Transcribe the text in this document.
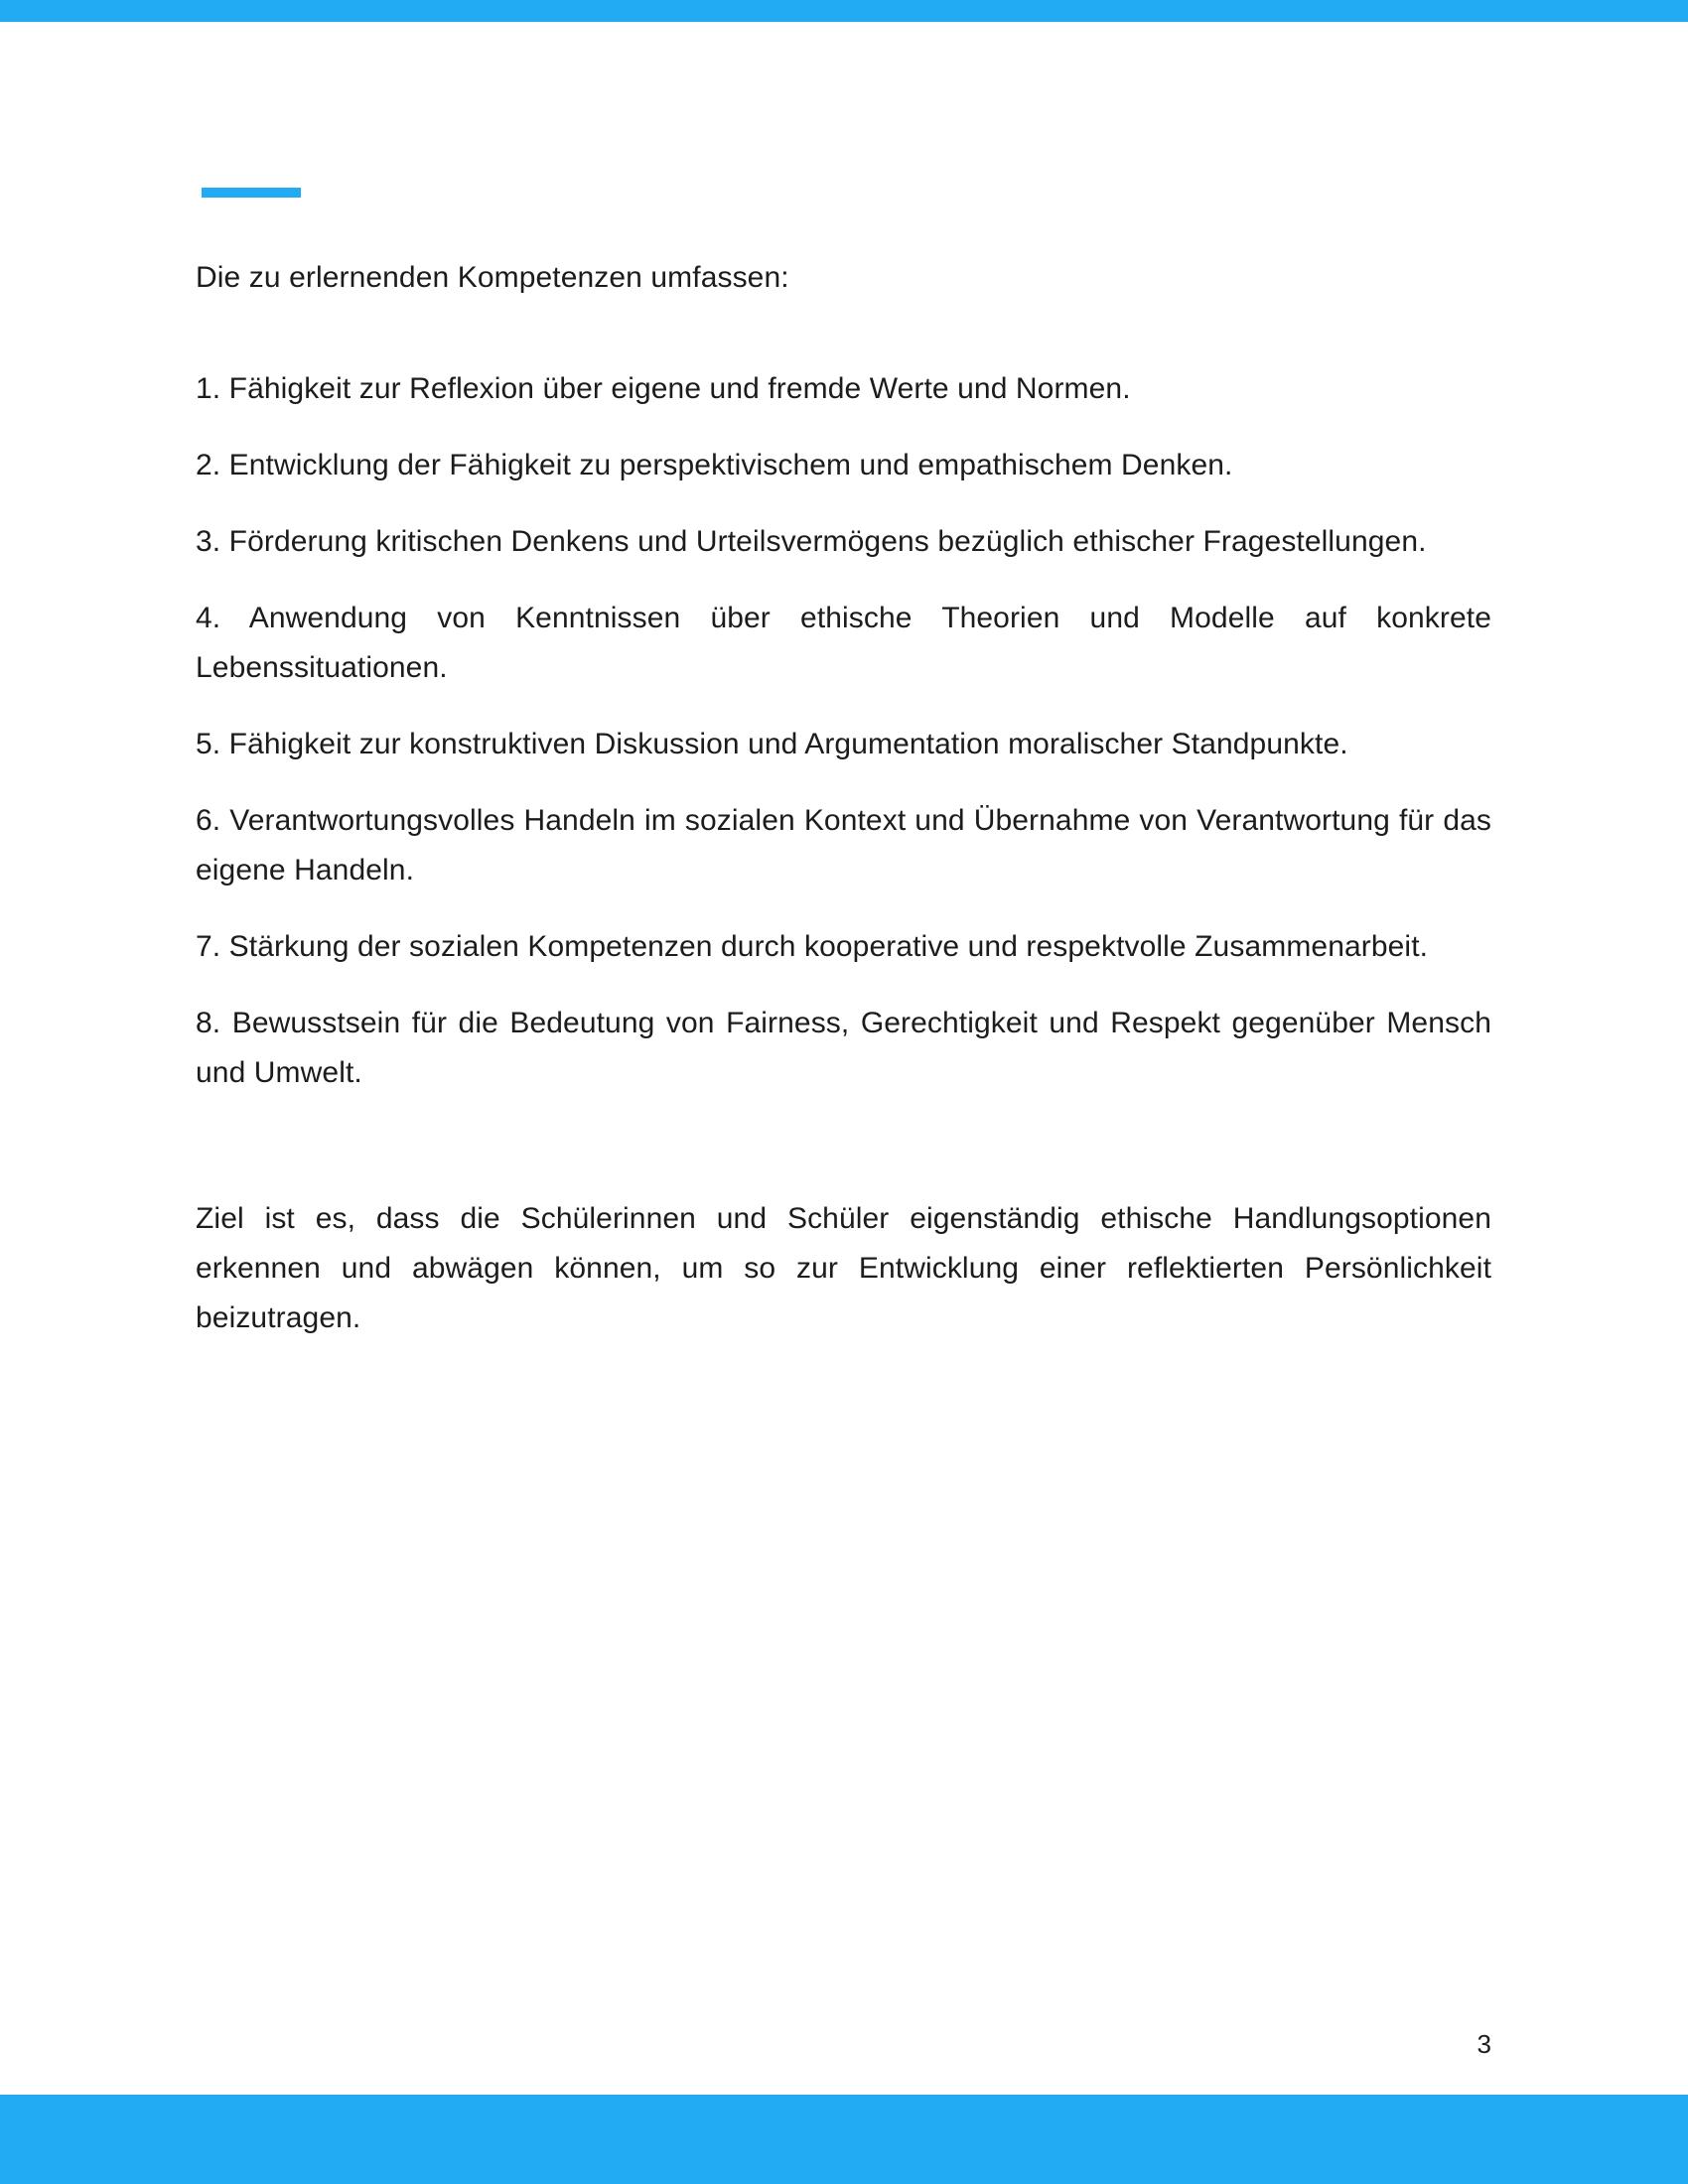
Die zu erlernenden Kompetenzen umfassen:

1. Fähigkeit zur Reflexion über eigene und fremde Werte und Normen.
2. Entwicklung der Fähigkeit zu perspektivischem und empathischem Denken.
3. Förderung kritischen Denkens und Urteilsvermögens bezüglich ethischer Fragestellungen.
4. Anwendung von Kenntnissen über ethische Theorien und Modelle auf konkrete Lebenssituationen.
5. Fähigkeit zur konstruktiven Diskussion und Argumentation moralischer Standpunkte.
6. Verantwortungsvolles Handeln im sozialen Kontext und Übernahme von Verantwortung für das eigene Handeln.
7. Stärkung der sozialen Kompetenzen durch kooperative und respektvolle Zusammenarbeit.
8. Bewusstsein für die Bedeutung von Fairness, Gerechtigkeit und Respekt gegenüber Mensch und Umwelt.

Ziel ist es, dass die Schülerinnen und Schüler eigenständig ethische Handlungsoptionen erkennen und abwägen können, um so zur Entwicklung einer reflektierten Persönlichkeit beizutragen.

3
